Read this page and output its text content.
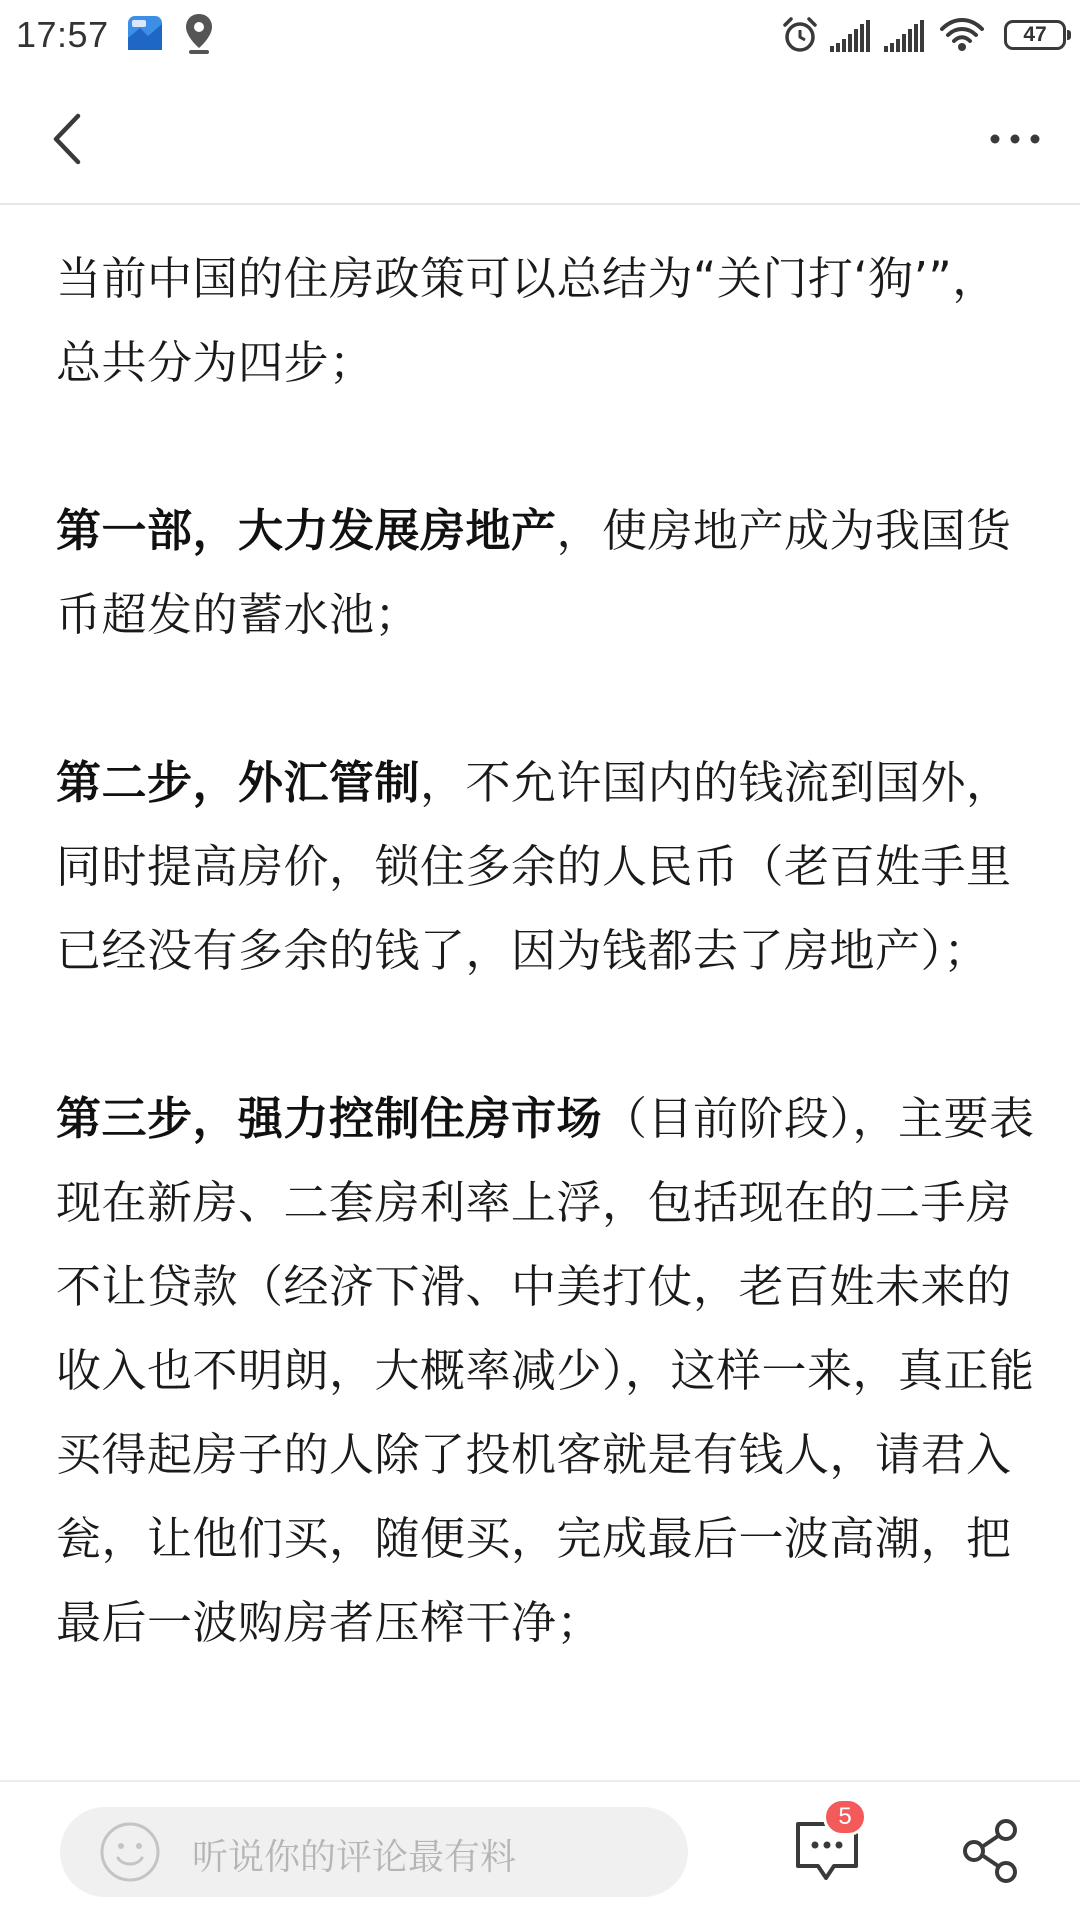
17:57	47

当前中国的住房政策可以总结为“关门打‘狗’”，总共分为四步；

第一部，大力发展房地产，使房地产成为我国货币超发的蓄水池；

第二步，外汇管制，不允许国内的钱流到国外，同时提高房价，锁住多余的人民币（老百姓手里已经没有多余的钱了，因为钱都去了房地产）；

第三步，强力控制住房市场（目前阶段），主要表现在新房、二套房利率上浮，包括现在的二手房不让贷款（经济下滑、中美打仗，老百姓未来的收入也不明朗，大概率减少），这样一来，真正能买得起房子的人除了投机客就是有钱人，请君入瓮，让他们买，随便买，完成最后一波高潮，把最后一波购房者压榨干净；

听说你的评论最有料
5
